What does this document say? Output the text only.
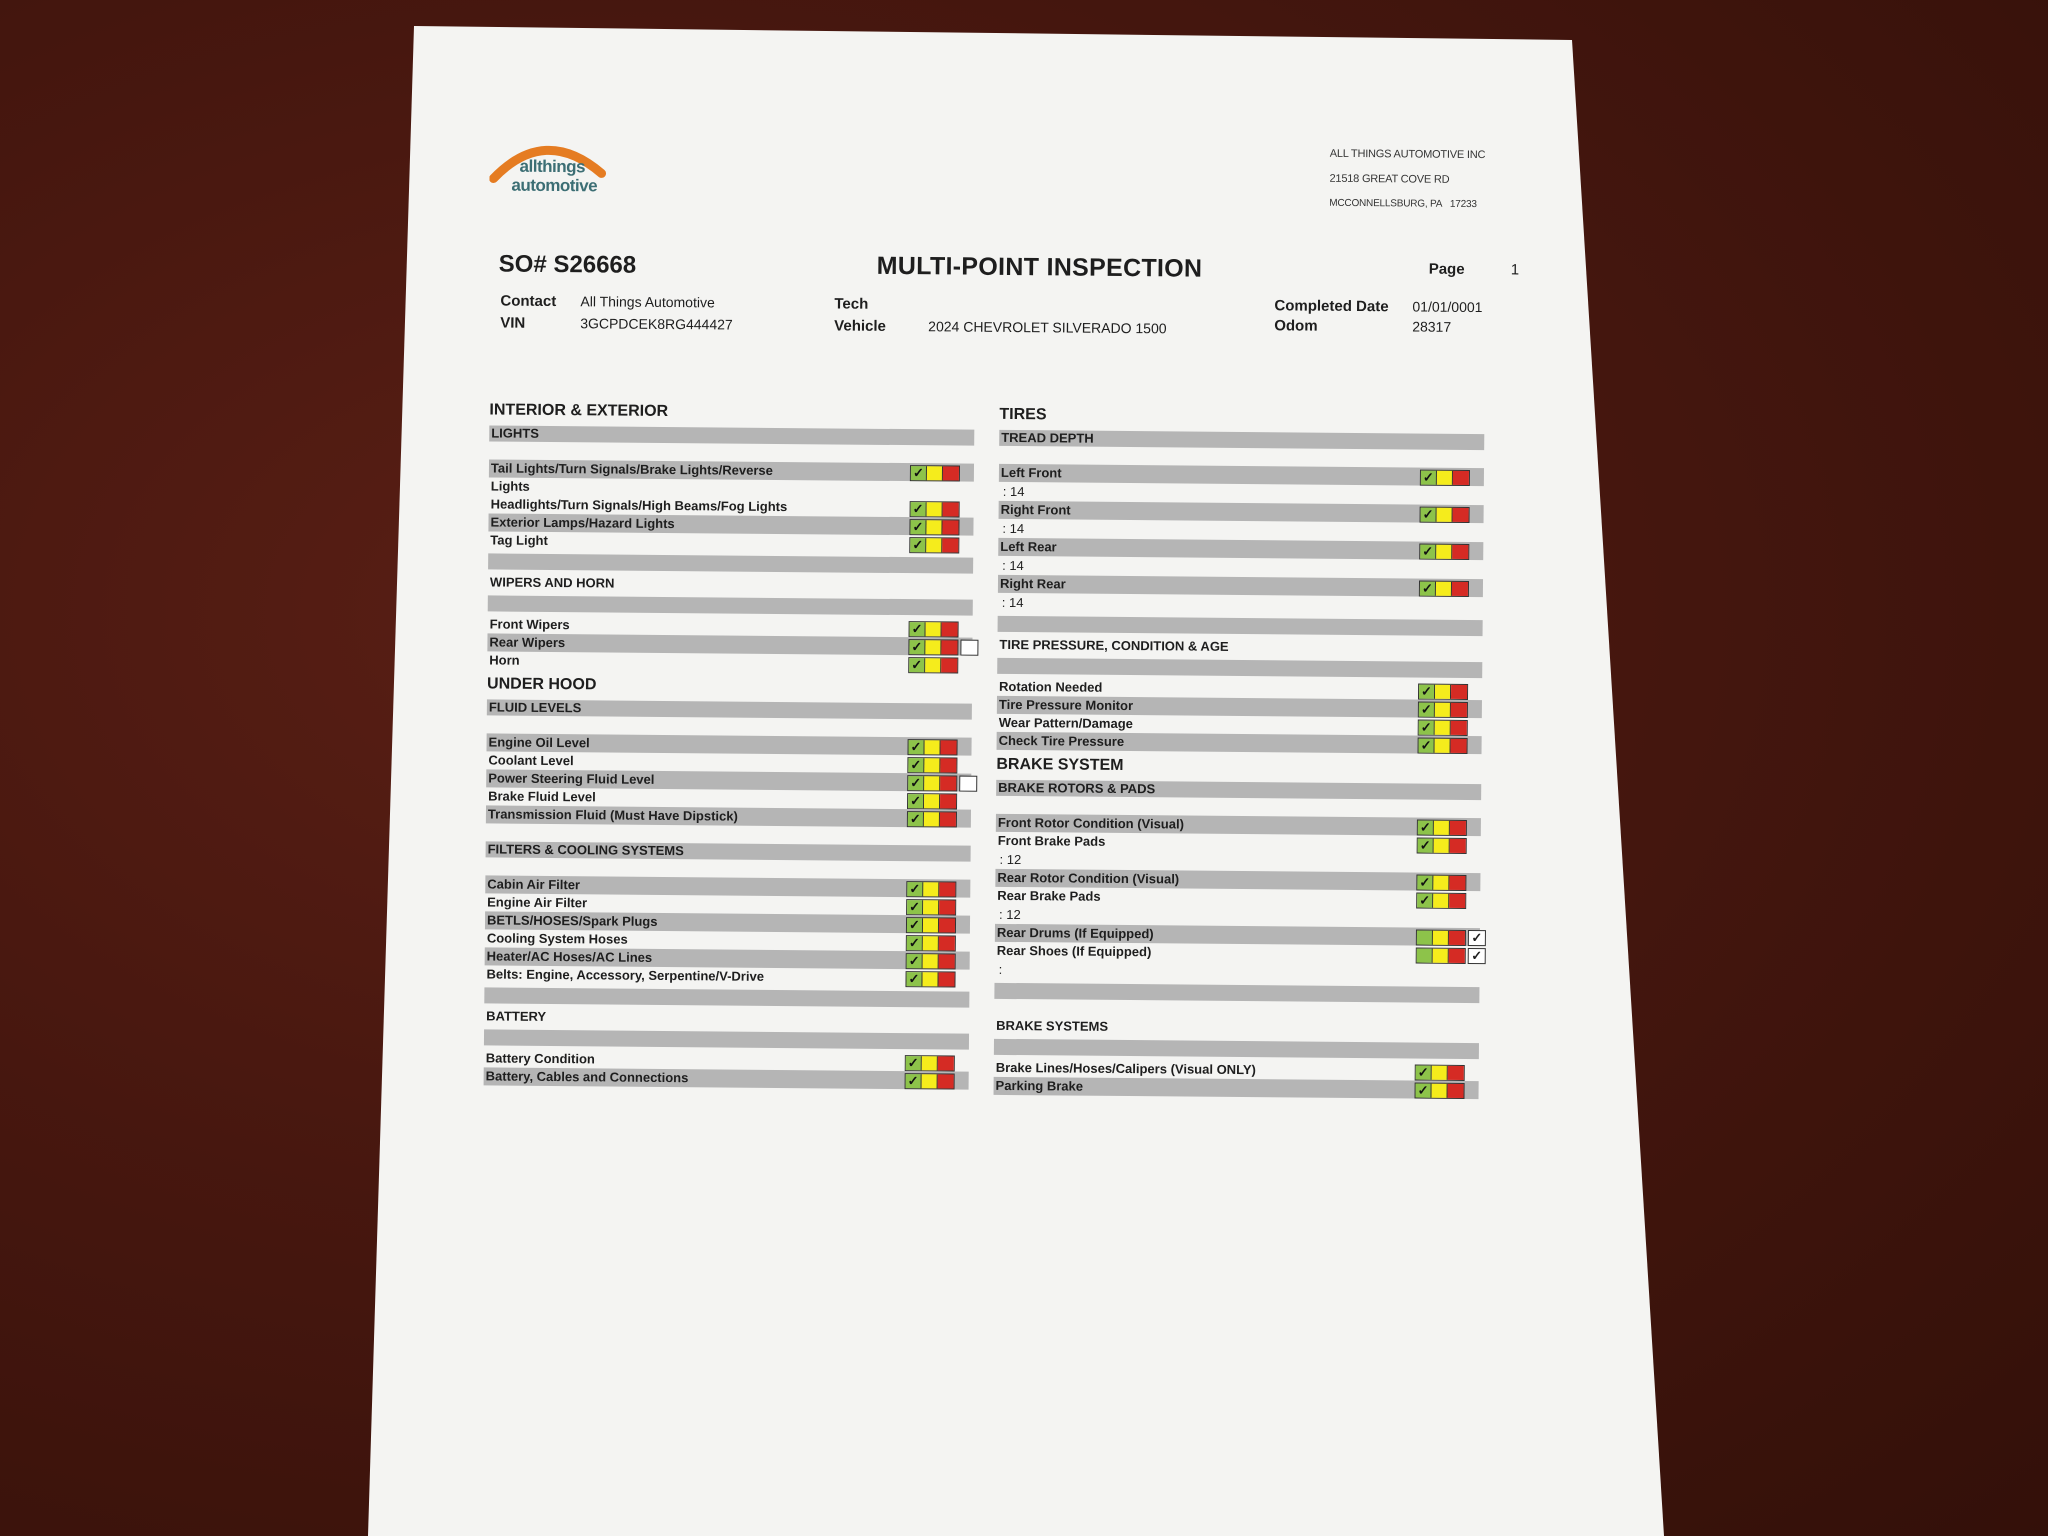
allthings
automotive
ALL THINGS AUTOMOTIVE INC
21518 GREAT COVE RD
MCCONNELLSBURG, PA 17233
SO# S26668	MULTI-POINT INSPECTION	Page	1
Contact All Things Automotive
VIN	3GCPDCEK8RG444427
Tech
Vehicle	2024 CHEVROLET SILVERADO 1500
Completed Date 01/01/0001
Odom	28317
INTERIOR & EXTERIOR
LIGHTS
Tail Lights/Turn Signals/Brake Lights/Reverse	✓
Lights
Headlights/Turn Signals/High Beams/Fog Lights	✓
Exterior Lamps/Hazard Lights	✓
Tag Light	✓
WIPERS AND HORN
Front Wipers	✓
Rear Wipers	✓
Horn	✓
UNDER HOOD
FLUID LEVELS
Engine Oil Level	✓
Coolant Level	✓
Power Steering Fluid Level	✓
Brake Fluid Level	✓
Transmission Fluid (Must Have Dipstick)	✓
FILTERS & COOLING SYSTEMS
Cabin Air Filter	✓
Engine Air Filter	✓
BETLS/HOSES/Spark Plugs	✓
Cooling System Hoses	✓
Heater/AC Hoses/AC Lines	✓
Belts: Engine, Accessory, Serpentine/V-Drive	✓
BATTERY
Battery Condition	✓
Battery, Cables and Connections	✓
TIRES
TREAD DEPTH
Left Front	✓
: 14
Right Front	✓
: 14
Left Rear	✓
: 14
Right Rear	✓
: 14
TIRE PRESSURE, CONDITION & AGE
Rotation Needed	✓
Tire Pressure Monitor	✓
Wear Pattern/Damage	✓
Check Tire Pressure	✓
BRAKE SYSTEM
BRAKE ROTORS & PADS
Front Rotor Condition (Visual)	✓
Front Brake Pads	✓
: 12
Rear Rotor Condition (Visual)	✓
Rear Brake Pads	✓
: 12
Rear Drums (If Equipped)	✓
Rear Shoes (If Equipped)	✓
:
BRAKE SYSTEMS
Brake Lines/Hoses/Calipers (Visual ONLY)	✓
Parking Brake	✓
